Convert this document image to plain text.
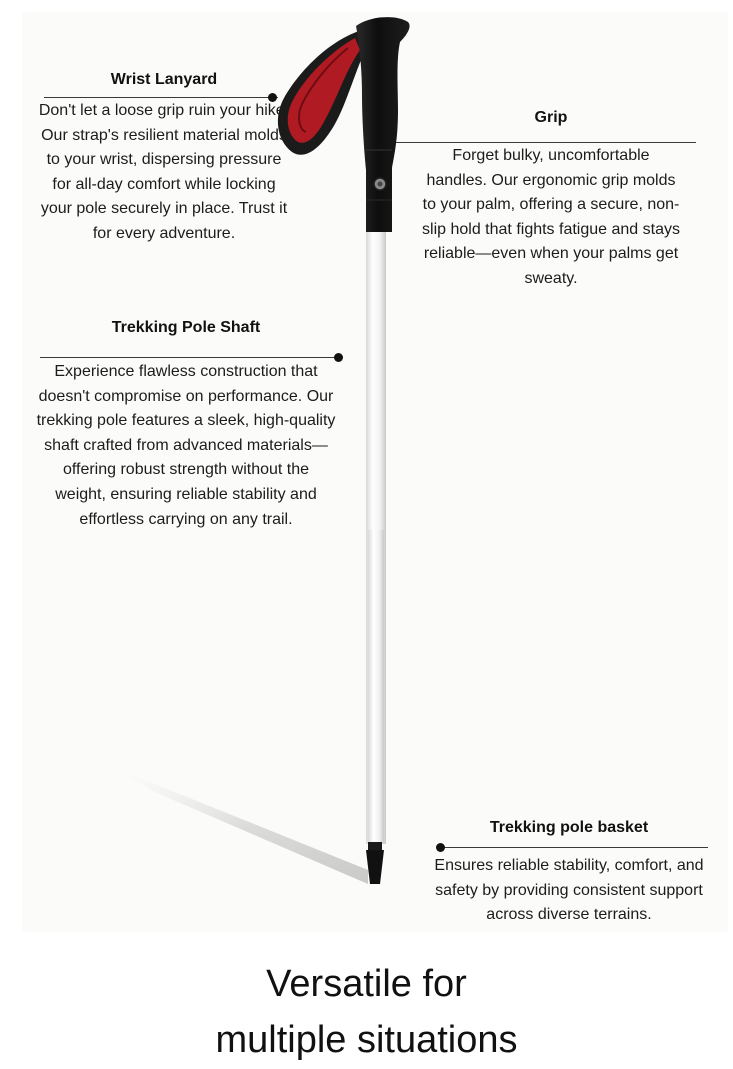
Wrist Lanyard
Don't let a loose grip ruin your hike. Our strap's resilient material molds to your wrist, dispersing pressure for all-day comfort while locking your pole securely in place. Trust it for every adventure.
Grip
Forget bulky, uncomfortable handles. Our ergonomic grip molds to your palm, offering a secure, non-slip hold that fights fatigue and stays reliable—even when your palms get sweaty.
Trekking Pole Shaft
Experience flawless construction that doesn't compromise on performance. Our trekking pole features a sleek, high-quality shaft crafted from advanced materials—offering robust strength without the weight, ensuring reliable stability and effortless carrying on any trail.
Trekking pole basket
Ensures reliable stability, comfort, and safety by providing consistent support across diverse terrains.
Versatile for
multiple situations
